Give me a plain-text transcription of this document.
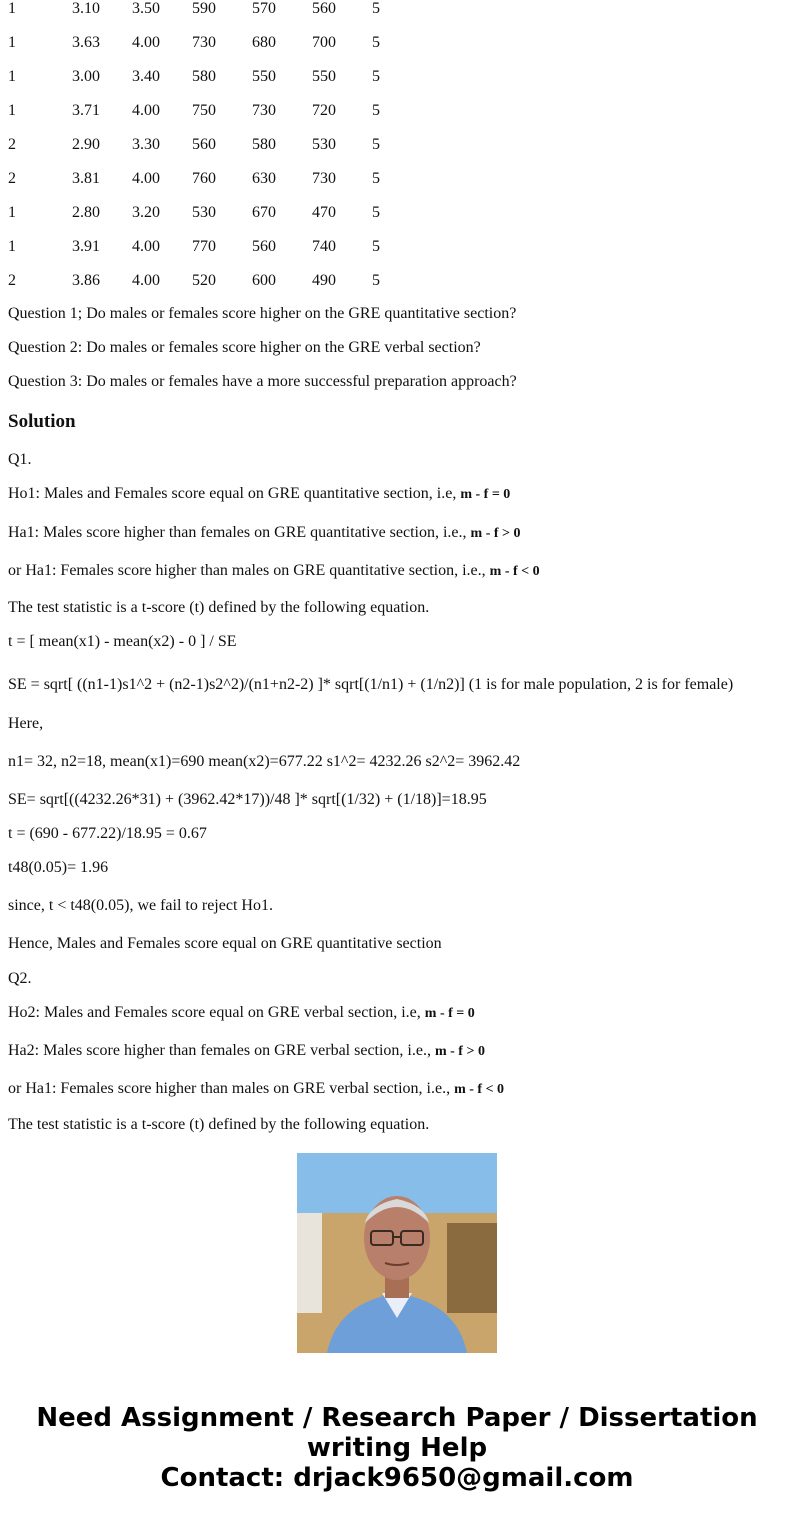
1	3.10 3.50 590 570 560 5
1	3.63 4.00 730 680 700 5
1	3.00 3.40 580 550 550 5
1	3.71 4.00 750 730 720 5
2	2.90 3.30 560 580 530 5
2	3.81 4.00 760 630 730 5
1	2.80 3.20 530 670 470 5
1	3.91 4.00 770 560 740 5
2	3.86 4.00 520 600 490 5
Question 1; Do males or females score higher on the GRE quantitative section?
Question 2: Do males or females score higher on the GRE verbal section?
Question 3: Do males or females have a more successful preparation approach?
Solution
Q1.
Ho1: Males and Females score equal on GRE quantitative section, i.e, m - f = 0
Ha1: Males score higher than females on GRE quantitative section, i.e., m - f > 0
or Ha1: Females score higher than males on GRE quantitative section, i.e., m - f < 0
The test statistic is a t-score (t) defined by the following equation.
t = [ mean(x1) - mean(x2) - 0 ] / SE
SE = sqrt[ ((n1-1)s1^2 + (n2-1)s2^2)/(n1+n2-2) ]* sqrt[(1/n1) + (1/n2)] (1 is for male population, 2 is for female)
Here,
n1= 32, n2=18, mean(x1)=690 mean(x2)=677.22 s1^2= 4232.26 s2^2= 3962.42
SE= sqrt[((4232.26*31) + (3962.42*17))/48 ]* sqrt[(1/32) + (1/18)]=18.95
t = (690 - 677.22)/18.95 = 0.67
t48(0.05)= 1.96
since, t < t48(0.05), we fail to reject Ho1.
Hence, Males and Females score equal on GRE quantitative section
Q2.
Ho2: Males and Females score equal on GRE verbal section, i.e, m - f = 0
Ha2: Males score higher than females on GRE verbal section, i.e., m - f > 0
or Ha1: Females score higher than males on GRE verbal section, i.e., m - f < 0
The test statistic is a t-score (t) defined by the following equation.
Need Assignment / Research Paper / Dissertation
writing Help
Contact: drjack9650@gmail.com
